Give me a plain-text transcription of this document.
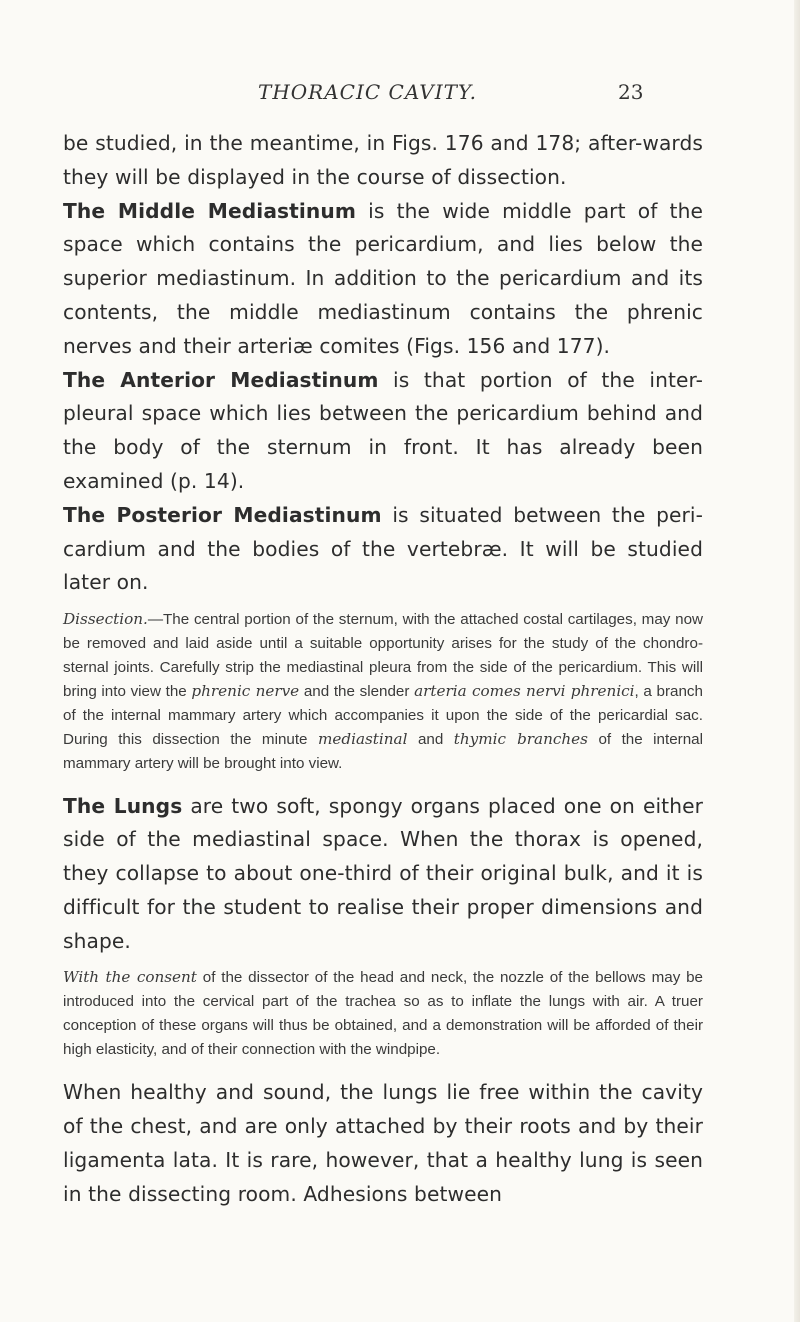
THORACIC CAVITY.	23

be studied, in the meantime, in Figs. 176 and 178; after-wards they will be displayed in the course of dissection.

The Middle Mediastinum is the wide middle part of the space which contains the pericardium, and lies below the superior mediastinum. In addition to the pericardium and its contents, the middle mediastinum contains the phrenic nerves and their arteriæ comites (Figs. 156 and 177).

The Anterior Mediastinum is that portion of the inter-pleural space which lies between the pericardium behind and the body of the sternum in front. It has already been examined (p. 14).

The Posterior Mediastinum is situated between the peri-cardium and the bodies of the vertebræ. It will be studied later on.

Dissection.—The central portion of the sternum, with the attached costal cartilages, may now be removed and laid aside until a suitable opportunity arises for the study of the chondro-sternal joints. Carefully strip the mediastinal pleura from the side of the pericardium. This will bring into view the phrenic nerve and the slender arteria comes nervi phrenici, a branch of the internal mammary artery which accompanies it upon the side of the pericardial sac. During this dissection the minute mediastinal and thymic branches of the internal mammary artery will be brought into view.

The Lungs are two soft, spongy organs placed one on either side of the mediastinal space. When the thorax is opened, they collapse to about one-third of their original bulk, and it is difficult for the student to realise their proper dimensions and shape.

With the consent of the dissector of the head and neck, the nozzle of the bellows may be introduced into the cervical part of the trachea so as to inflate the lungs with air. A truer conception of these organs will thus be obtained, and a demonstration will be afforded of their high elasticity, and of their connection with the windpipe.

When healthy and sound, the lungs lie free within the cavity of the chest, and are only attached by their roots and by their ligamenta lata. It is rare, however, that a healthy lung is seen in the dissecting room. Adhesions between
